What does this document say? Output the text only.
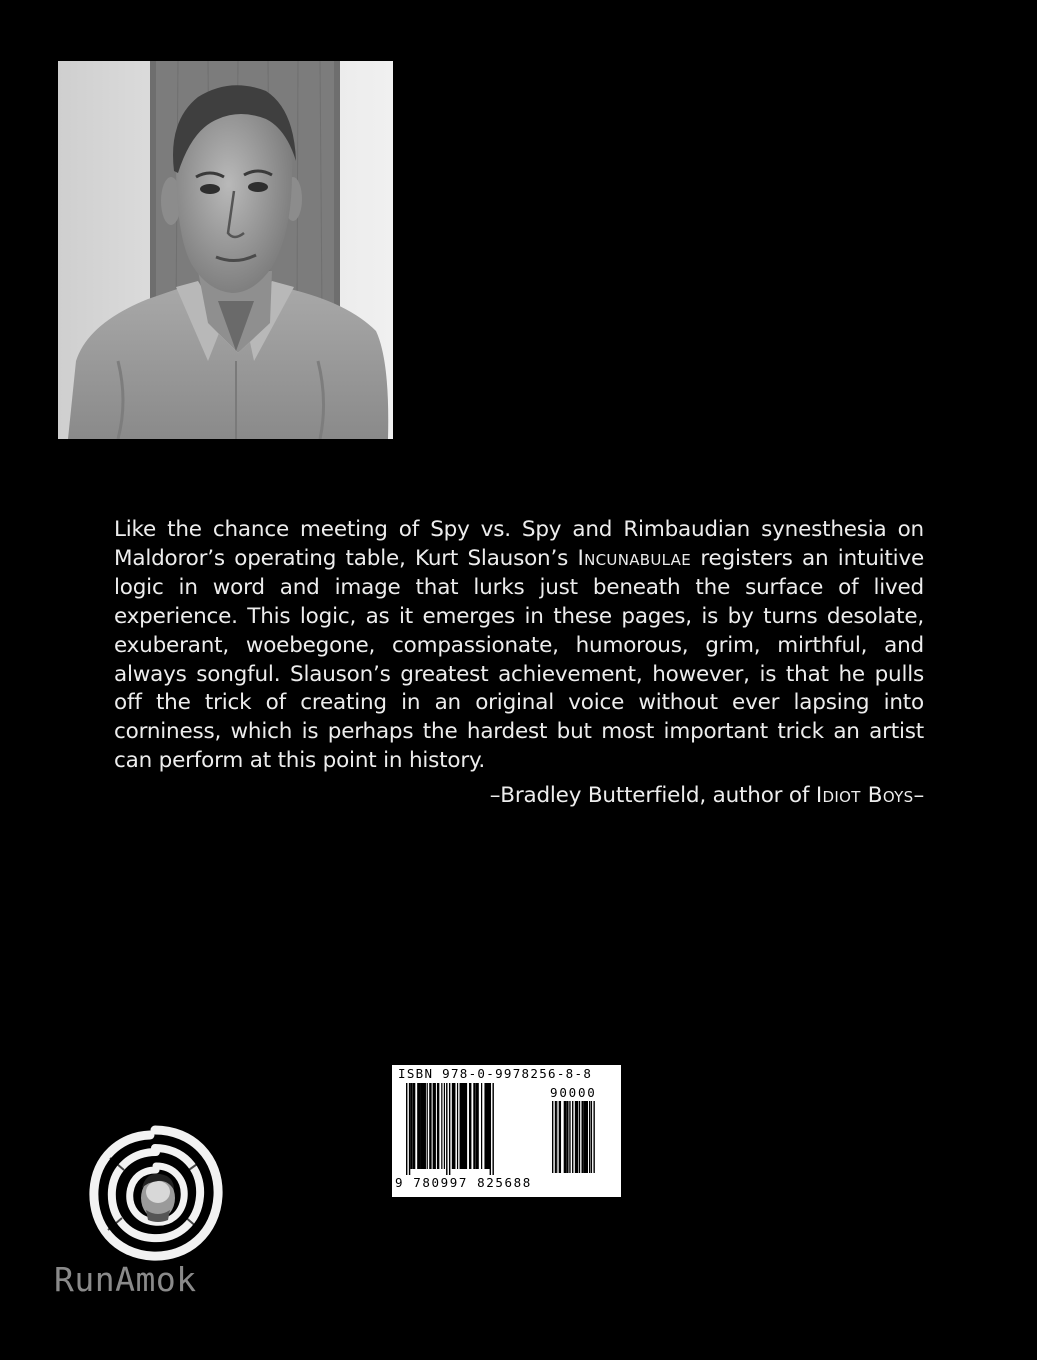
Like the chance meeting of Spy vs. Spy and Rimbaudian synesthesia on Maldoror’s operating table, Kurt Slauson’s Incunabulae registers an intuitive logic in word and image that lurks just beneath the surface of lived experience. This logic, as it emerges in these pages, is by turns desolate, exuberant, woebegone, compassionate, humorous, grim, mirthful, and always songful. Slauson’s greatest achievement, however, is that he pulls off the trick of creating in an original voice without ever lapsing into corniness, which is perhaps the hardest but most important trick an artist can perform at this point in history.

–Bradley Butterfield, author of Idiot Boys–

ISBN 978-0-9978256-8-8
90000
9 780997 825688
RunAmok
